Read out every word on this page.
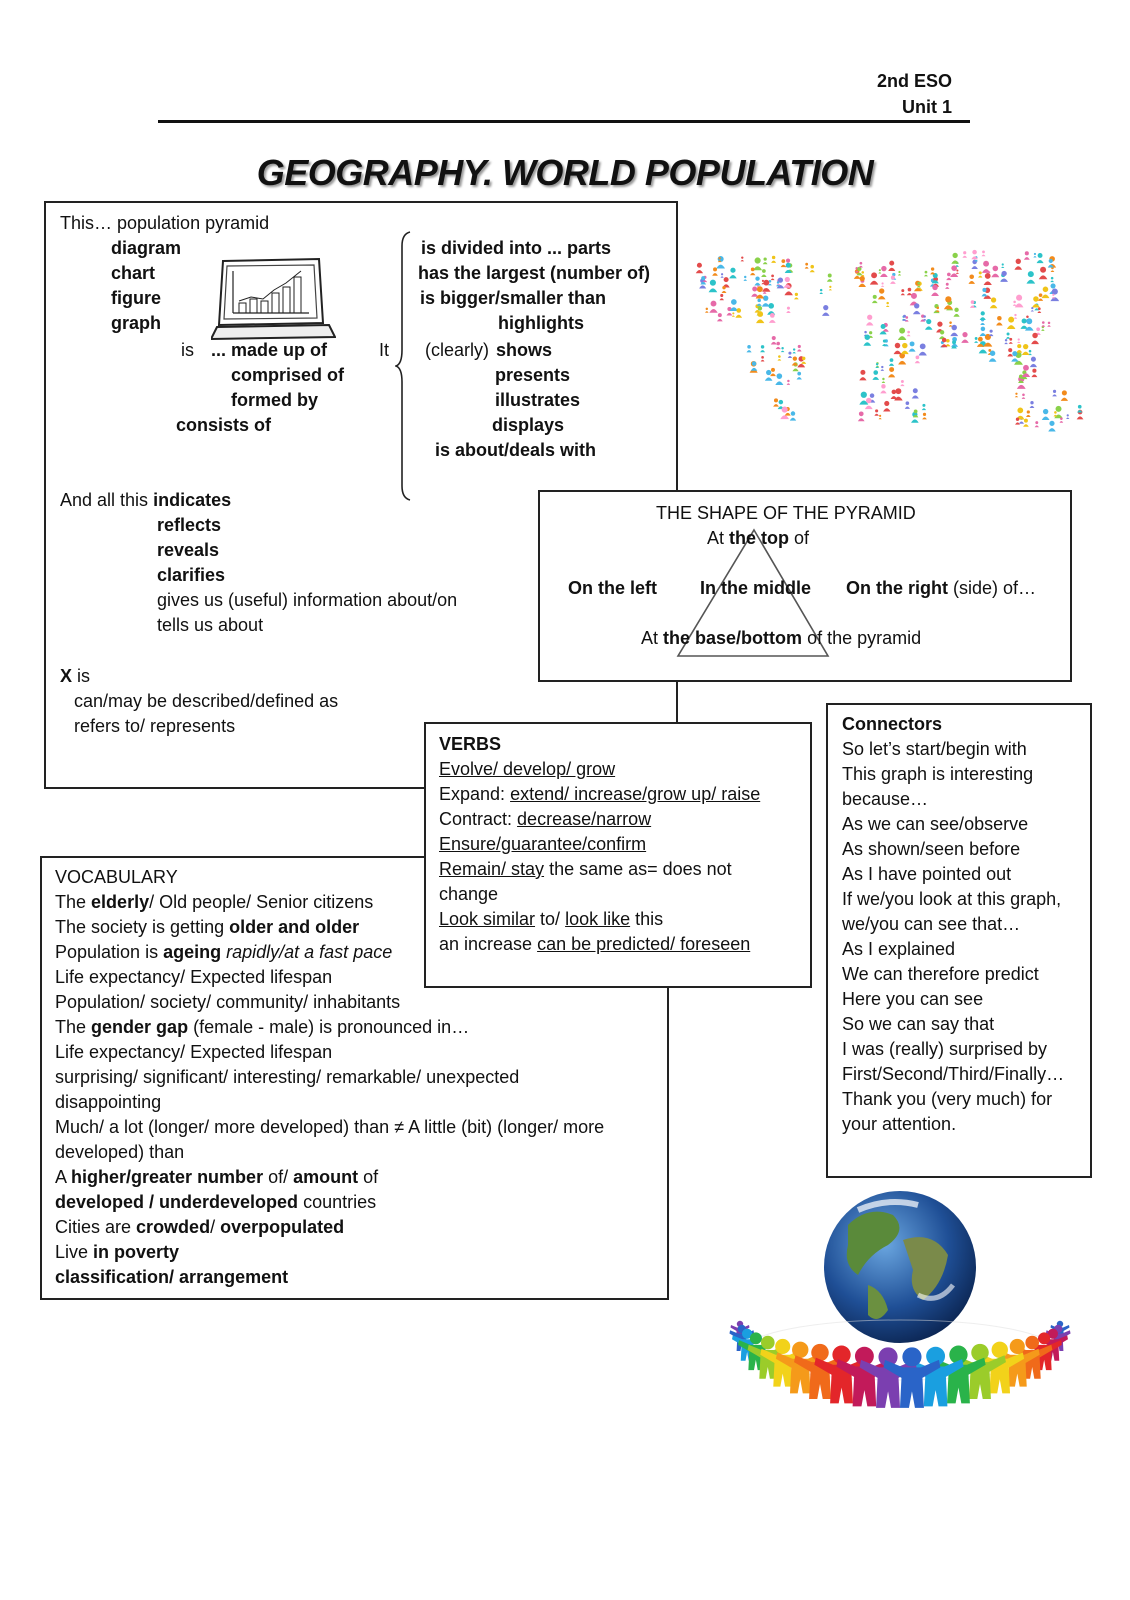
2nd ESO
Unit 1
GEOGRAPHY. WORLD POPULATION
This… population pyramid
diagram
chart
figure
graph
is ... made up of
comprised of
formed by
consists of
It
is divided into ... parts
has the largest (number of)
is bigger/smaller than
highlights
(clearly) shows
presents
illustrates
displays
is about/deals with
And all this indicates
reflects
reveals
clarifies
gives us (useful) information about/on
tells us about
X is
can/may be described/defined as
refers to/ represents
THE SHAPE OF THE PYRAMID
At the top of
On the left In the middle On the right (side) of…
At the base/bottom of the pyramid
VOCABULARY
The elderly/ Old people/ Senior citizens
The society is getting older and older
Population is ageing rapidly/at a fast pace
Life expectancy/ Expected lifespan
Population/ society/ community/ inhabitants
The gender gap (female - male) is pronounced in…
Life expectancy/ Expected lifespan
surprising/ significant/ interesting/ remarkable/ unexpected
disappointing
Much/ a lot (longer/ more developed) than ≠ A little (bit) (longer/ more
developed) than
A higher/greater number of/ amount of
developed / underdeveloped countries
Cities are crowded/ overpopulated
Live in poverty
classification/ arrangement
VERBS
Evolve/ develop/ grow
Expand: extend/ increase/grow up/ raise
Contract: decrease/narrow
Ensure/guarantee/confirm
Remain/ stay the same as= does not
change
Look similar to/ look like this
an increase can be predicted/ foreseen
Connectors
So let’s start/begin with
This graph is interesting
because…
As we can see/observe
As shown/seen before
As I have pointed out
If we/you look at this graph,
we/you can see that…
As I explained
We can therefore predict
Here you can see
So we can say that
I was (really) surprised by
First/Second/Third/Finally…
Thank you (very much) for
your attention.
